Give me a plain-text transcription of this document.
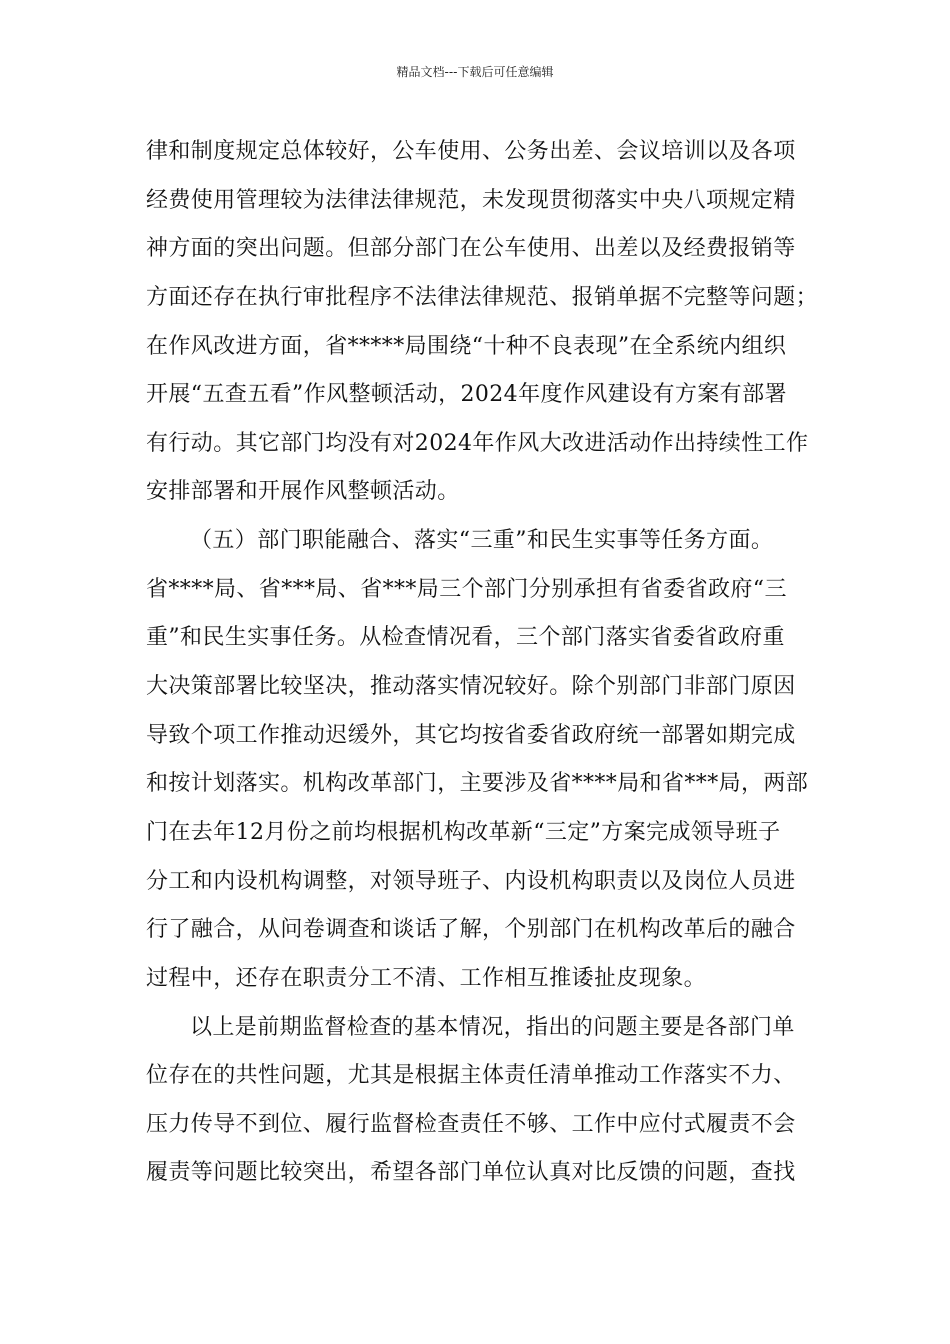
精品文档---下载后可任意编辑
律和制度规定总体较好，公车使用、公务出差、会议培训以及各项
经费使用管理较为法律法律规范，未发现贯彻落实中央八项规定精
神方面的突出问题。但部分部门在公车使用、出差以及经费报销等
方面还存在执行审批程序不法律法律规范、报销单据不完整等问题；
在作风改进方面，省*****局围绕“十种不良表现”在全系统内组织
开展“五查五看”作风整顿活动，2024年度作风建设有方案有部署
有行动。其它部门均没有对2024年作风大改进活动作出持续性工作
安排部署和开展作风整顿活动。
（五）部门职能融合、落实“三重”和民生实事等任务方面。
省****局、省***局、省***局三个部门分别承担有省委省政府“三
重”和民生实事任务。从检查情况看，三个部门落实省委省政府重
大决策部署比较坚决，推动落实情况较好。除个别部门非部门原因
导致个项工作推动迟缓外，其它均按省委省政府统一部署如期完成
和按计划落实。机构改革部门，主要涉及省****局和省***局，两部
门在去年12月份之前均根据机构改革新“三定”方案完成领导班子
分工和内设机构调整，对领导班子、内设机构职责以及岗位人员进
行了融合，从问卷调查和谈话了解，个别部门在机构改革后的融合
过程中，还存在职责分工不清、工作相互推诿扯皮现象。
以上是前期监督检查的基本情况，指出的问题主要是各部门单
位存在的共性问题，尤其是根据主体责任清单推动工作落实不力、
压力传导不到位、履行监督检查责任不够、工作中应付式履责不会
履责等问题比较突出，希望各部门单位认真对比反馈的问题，查找
